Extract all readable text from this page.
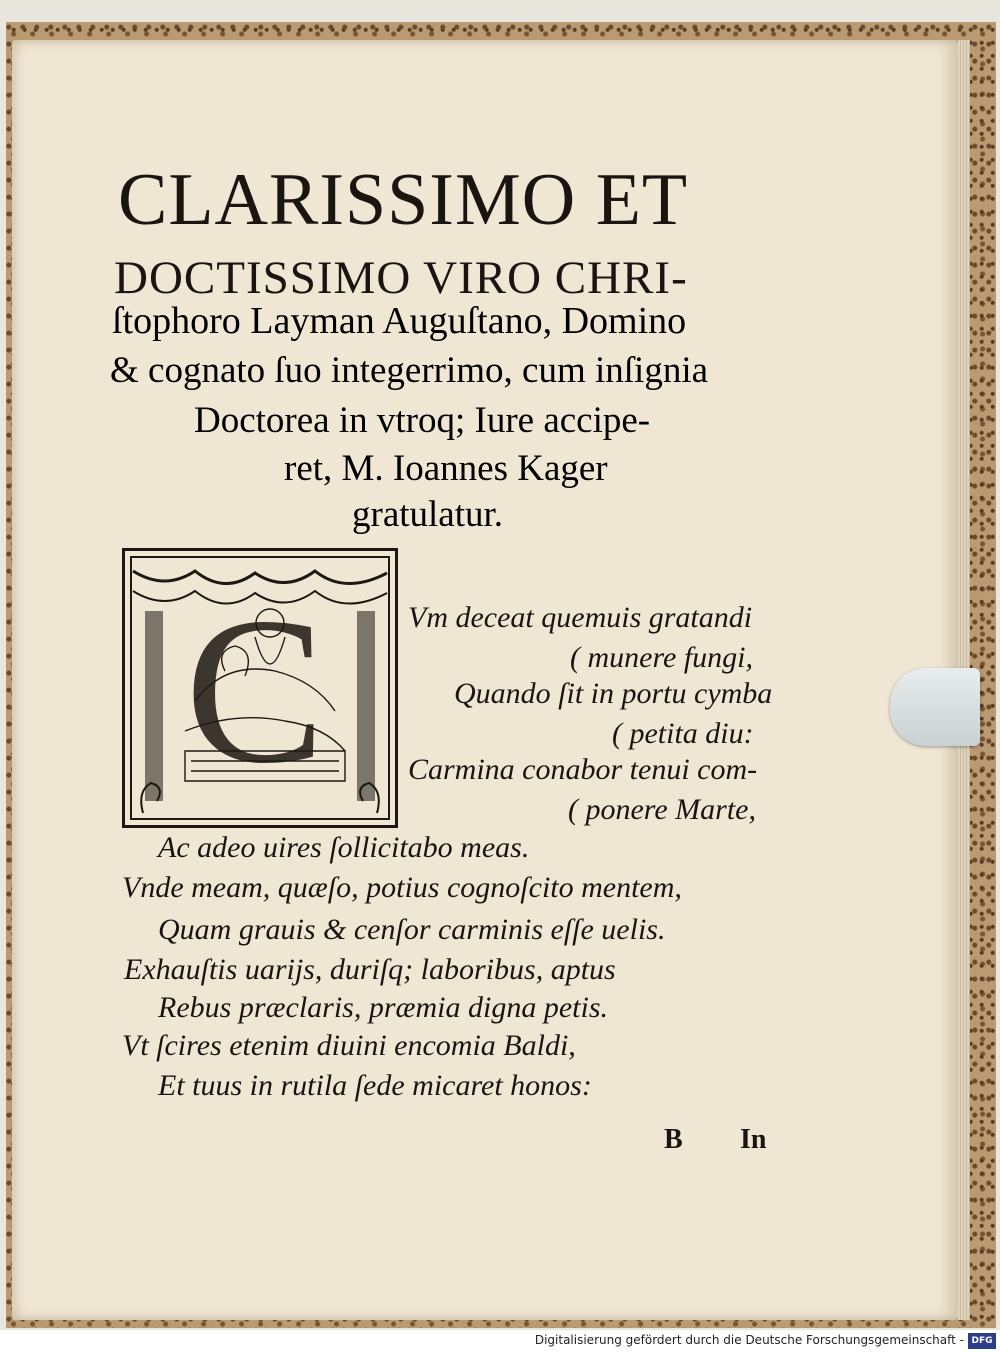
CLARISSIMO ET
DOCTISSIMO VIRO CHRI-
ſtophoro Layman Auguſtano, Domino
& cognato ſuo integerrimo, cum inſignia
Doctorea in vtroq; Iure accipe-
ret, M. Ioannes Kager
gratulatur.
C	Vm deceat quemuis gratandi
( munere fungi,
Quando ſit in portu cymba
( petita diu:
Carmina conabor tenui com-
( ponere Marte,
Ac adeo uires ſollicitabo meas.
Vnde meam, quæſo, potius cognoſcito mentem,
Quam grauis & cenſor carminis eſſe uelis.
Exhauſtis uarijs, duriſq; laboribus, aptus
Rebus præclaris, præmia digna petis.
Vt ſcires etenim diuini encomia Baldi,
Et tuus in rutila ſede micaret honos:
B In
Digitalisierung gefördert durch die Deutsche Forschungsgemeinschaft - DFG
